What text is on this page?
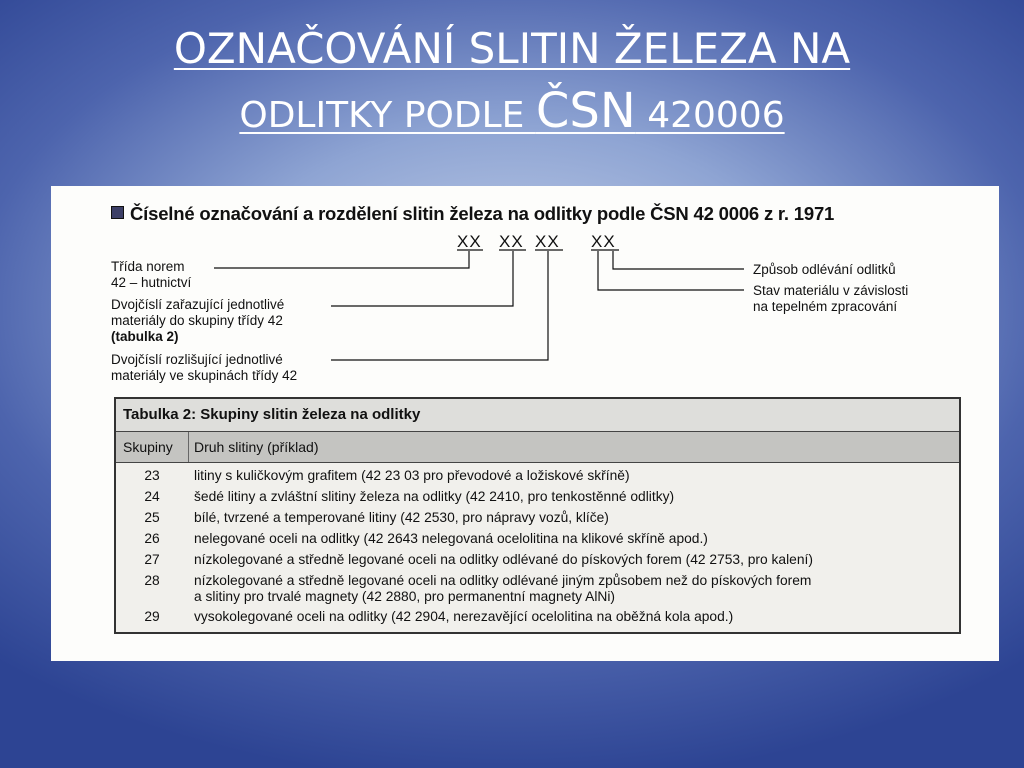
OZNAČOVÁNÍ SLITIN ŽELEZA NA
ODLITKY PODLE ČSN 420006
Číselné označování a rozdělení slitin železa na odlitky podle ČSN 42 0006 z r. 1971
XX XX XX XX
Třída norem
42 – hutnictví
Dvojčíslí zařazující jednotlivé
materiály do skupiny třídy 42
(tabulka 2)
Dvojčíslí rozlišující jednotlivé
materiály ve skupinách třídy 42
Způsob odlévání odlitků
Stav materiálu v závislosti
na tepelném zpracování
Tabulka 2: Skupiny slitin železa na odlitky
Skupiny Druh slitiny (příklad)
23	litiny s kuličkovým grafitem (42 23 03 pro převodové a ložiskové skříně)
24	šedé litiny a zvláštní slitiny železa na odlitky (42 2410, pro tenkostěnné odlitky)
25	bílé, tvrzené a temperované litiny (42 2530, pro nápravy vozů, klíče)
26	nelegované oceli na odlitky (42 2643 nelegovaná ocelolitina na klikové skříně apod.)
27	nízkolegované a středně legované oceli na odlitky odlévané do pískových forem (42 2753, pro kalení)
28	nízkolegované a středně legované oceli na odlitky odlévané jiným způsobem než do pískových forem
a slitiny pro trvalé magnety (42 2880, pro permanentní magnety AlNi)
29	vysokolegované oceli na odlitky (42 2904, nerezavějící ocelolitina na oběžná kola apod.)
